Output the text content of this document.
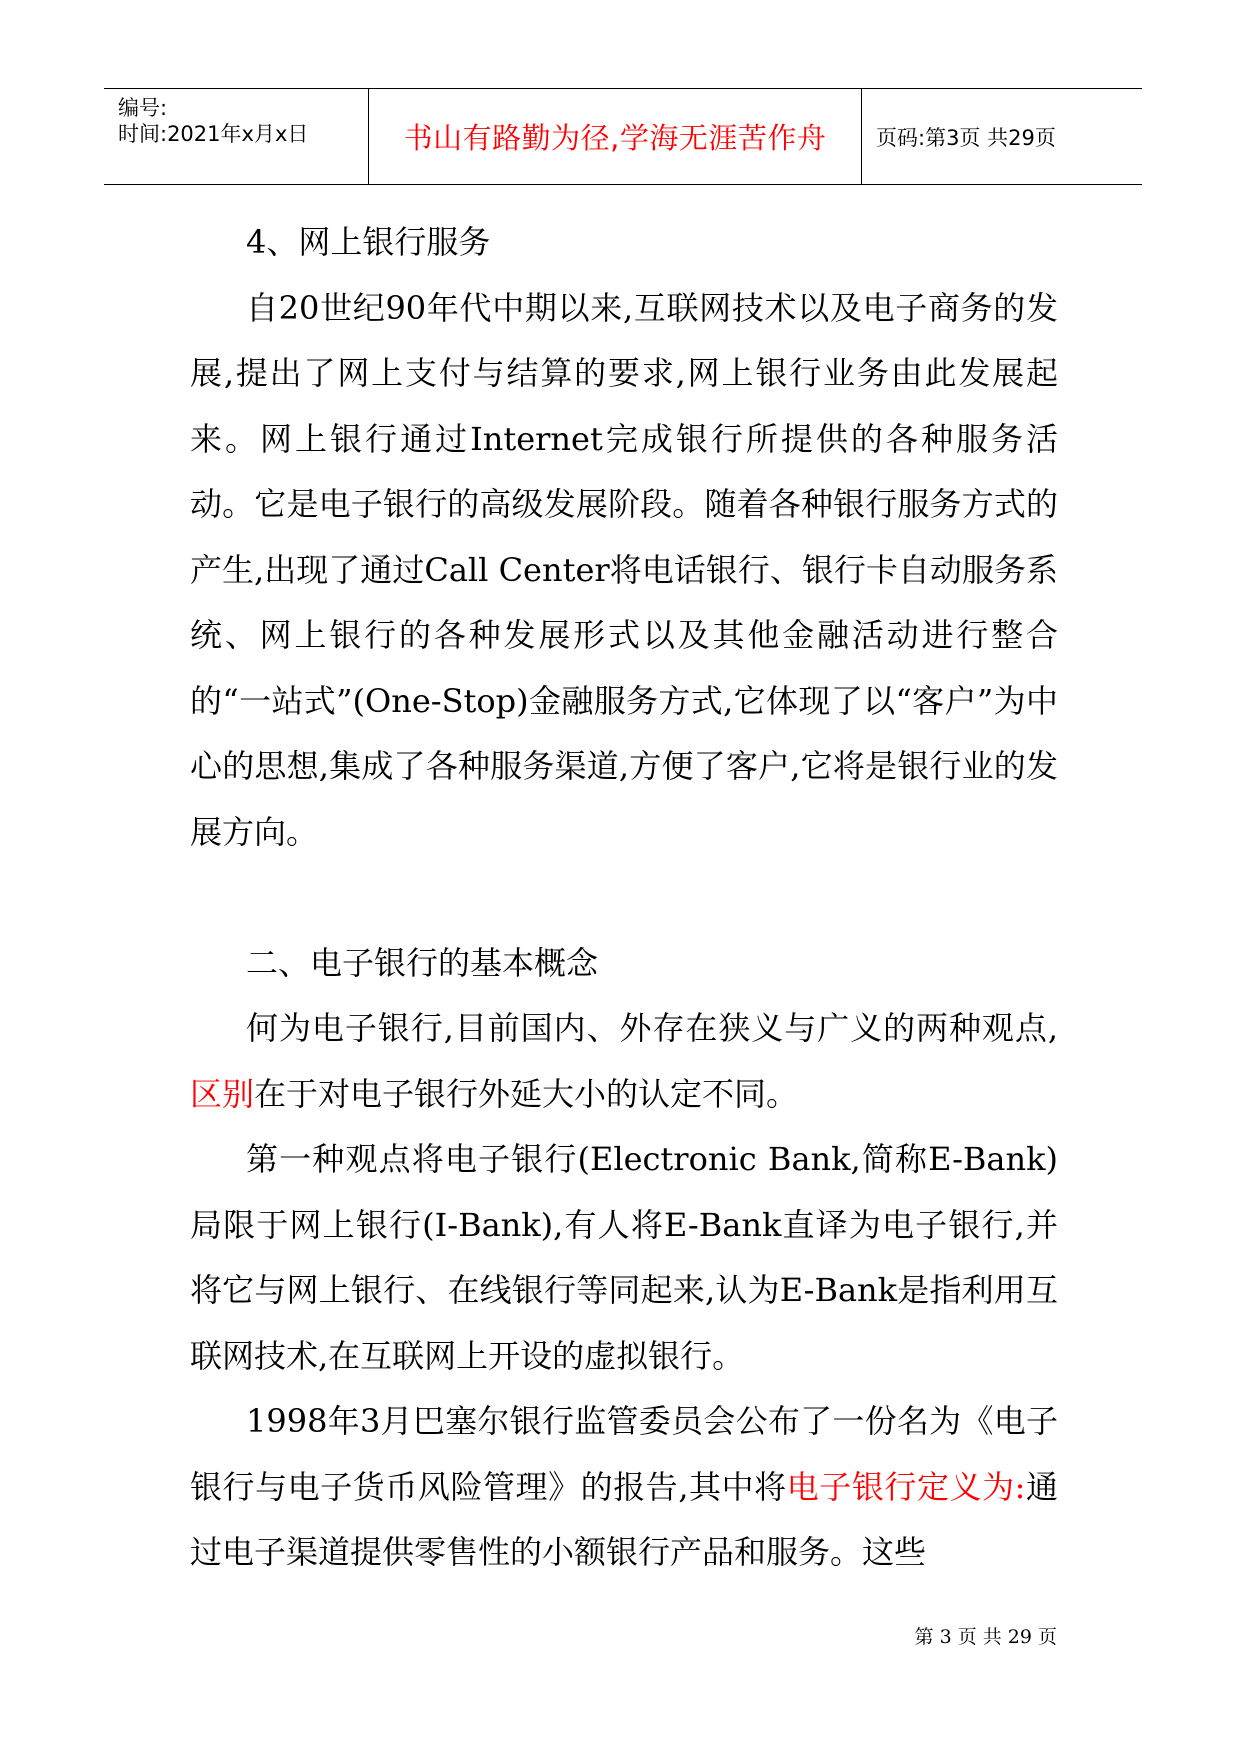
编号:
时间:2021年x月x日	书山有路勤为径,学海无涯苦作舟 页码:第3页 共29页

4、网上银行服务

自20世纪90年代中期以来,互联网技术以及电子商务的发展,提出了网上支付与结算的要求,网上银行业务由此发展起来。网上银行通过Internet完成银行所提供的各种服务活动。它是电子银行的高级发展阶段。随着各种银行服务方式的产生,出现了通过Call Center将电话银行、银行卡自动服务系统、网上银行的各种发展形式以及其他金融活动进行整合的“一站式”(One-Stop)金融服务方式,它体现了以“客户”为中心的思想,集成了各种服务渠道,方便了客户,它将是银行业的发展方向。

二、电子银行的基本概念

何为电子银行,目前国内、外存在狭义与广义的两种观点,区别在于对电子银行外延大小的认定不同。

第一种观点将电子银行(Electronic Bank,简称E-Bank)局限于网上银行(I-Bank),有人将E-Bank直译为电子银行,并将它与网上银行、在线银行等同起来,认为E-Bank是指利用互联网技术,在互联网上开设的虚拟银行。

1998年3月巴塞尔银行监管委员会公布了一份名为《电子银行与电子货币风险管理》的报告,其中将电子银行定义为:通过电子渠道提供零售性的小额银行产品和服务。这些

第 3 页 共 29 页
